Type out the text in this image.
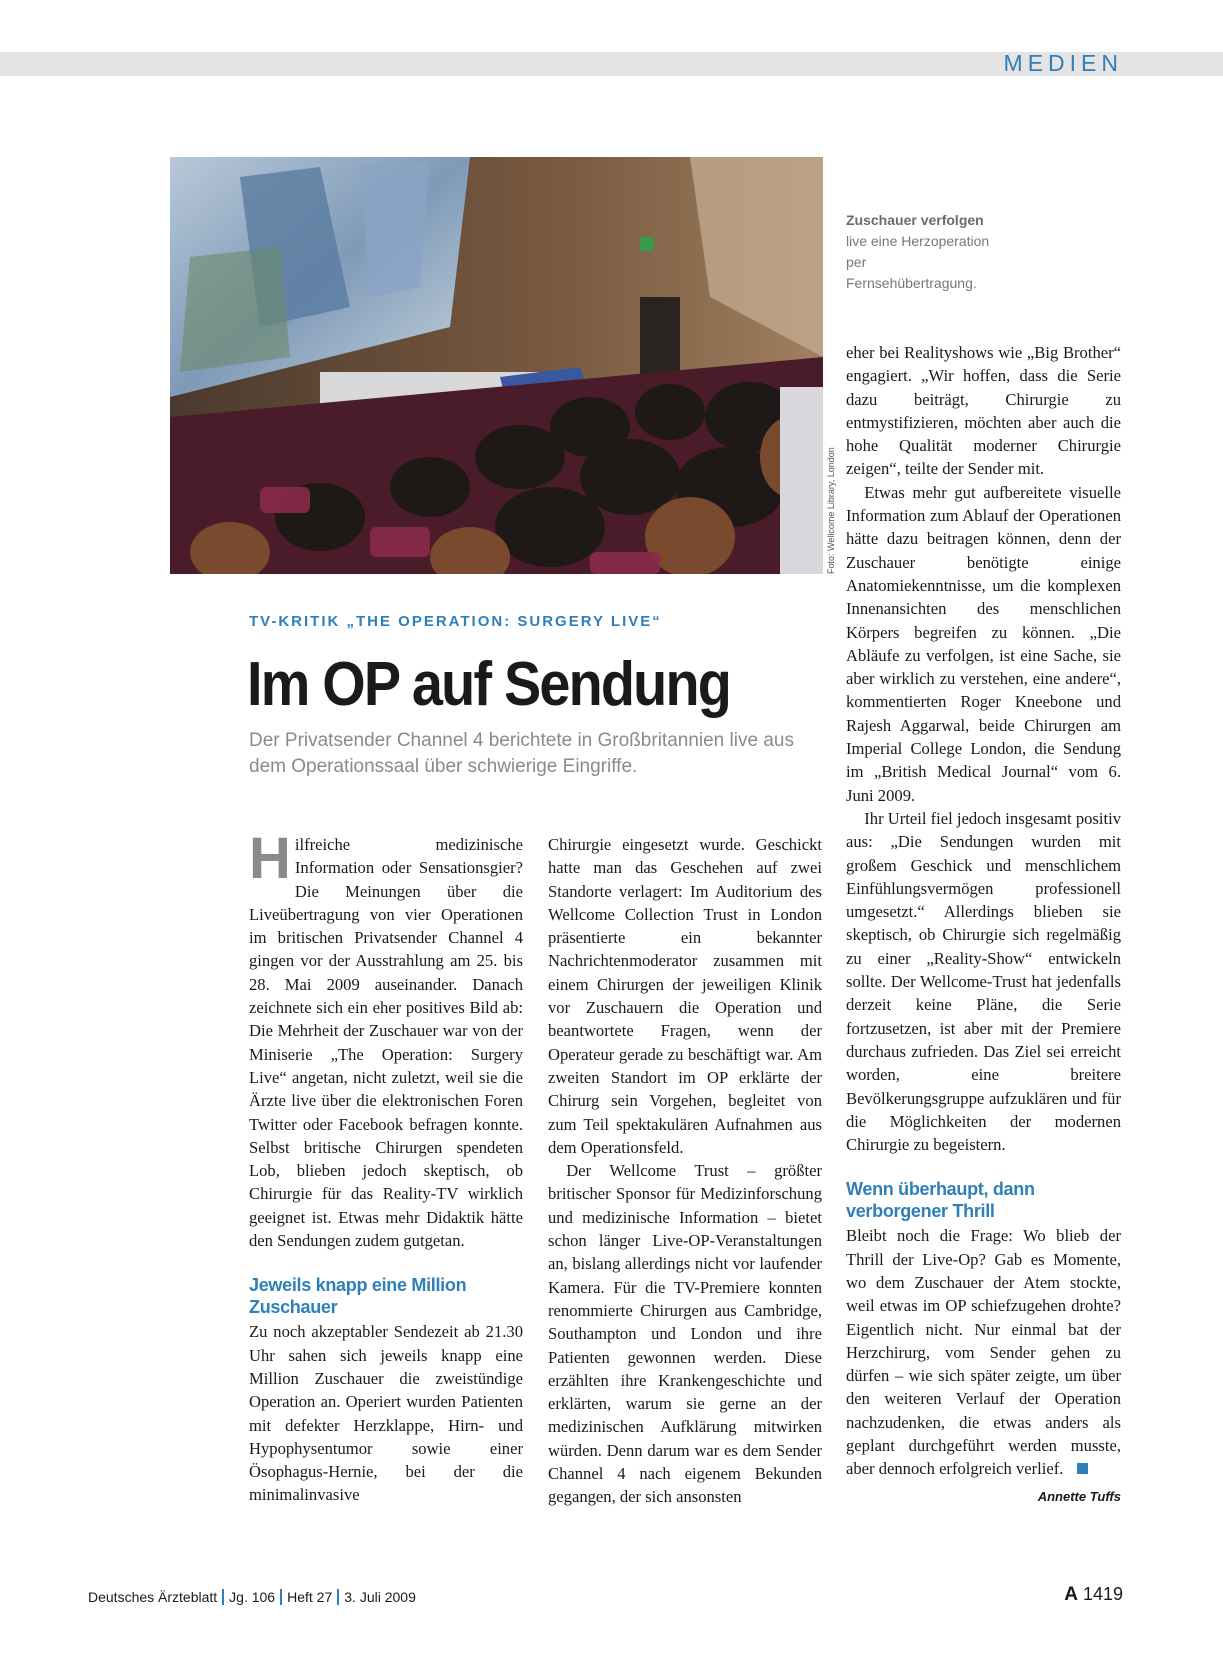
MEDIEN
Foto: Wellcome Library, London
Zuschauer verfolgen live eine Herzoperation per Fernsehübertragung.
TV-KRITIK „THE OPERATION: SURGERY LIVE“
Im OP auf Sendung
Der Privatsender Channel 4 berichtete in Großbritannien live aus dem Operationssaal über schwierige Eingriffe.

Hilfreiche medizinische Information oder Sensationsgier? Die Meinungen über die Liveübertragung von vier Operationen im britischen Privatsender Channel 4 gingen vor der Ausstrahlung am 25. bis 28. Mai 2009 auseinander. Danach zeichnete sich ein eher positives Bild ab: Die Mehrheit der Zuschauer war von der Miniserie „The Operation: Surgery Live“ angetan, nicht zuletzt, weil sie die Ärzte live über die elektronischen Foren Twitter oder Facebook befragen konnte. Selbst britische Chirurgen spendeten Lob, blieben jedoch skeptisch, ob Chirurgie für das Reality-TV wirklich geeignet ist. Etwas mehr Didaktik hätte den Sendungen zudem gutgetan.

Jeweils knapp eine Million Zuschauer

Zu noch akzeptabler Sendezeit ab 21.30 Uhr sahen sich jeweils knapp eine Million Zuschauer die zweistündige Operation an. Operiert wurden Patienten mit defekter Herzklappe, Hirn- und Hypophysentumor sowie einer Ösophagus-Hernie, bei der die minimalinvasive

Chirurgie eingesetzt wurde. Geschickt hatte man das Geschehen auf zwei Standorte verlagert: Im Auditorium des Wellcome Collection Trust in London präsentierte ein bekannter Nachrichtenmoderator zusammen mit einem Chirurgen der jeweiligen Klinik vor Zuschauern die Operation und beantwortete Fragen, wenn der Operateur gerade zu beschäftigt war. Am zweiten Standort im OP erklärte der Chirurg sein Vorgehen, begleitet von zum Teil spektakulären Aufnahmen aus dem Operationsfeld.

Der Wellcome Trust – größter britischer Sponsor für Medizinforschung und medizinische Information – bietet schon länger Live-OP-Veranstaltungen an, bislang allerdings nicht vor laufender Kamera. Für die TV-Premiere konnten renommierte Chirurgen aus Cambridge, Southampton und London und ihre Patienten gewonnen werden. Diese erzählten ihre Krankengeschichte und erklärten, warum sie gerne an der medizinischen Aufklärung mitwirken würden. Denn darum war es dem Sender Channel 4 nach eigenem Bekunden gegangen, der sich ansonsten

eher bei Realityshows wie „Big Brother“ engagiert. „Wir hoffen, dass die Serie dazu beiträgt, Chirurgie zu entmystifizieren, möchten aber auch die hohe Qualität moderner Chirurgie zeigen“, teilte der Sender mit.

Etwas mehr gut aufbereitete visuelle Information zum Ablauf der Operationen hätte dazu beitragen können, denn der Zuschauer benötigte einige Anatomiekenntnisse, um die komplexen Innenansichten des menschlichen Körpers begreifen zu können. „Die Abläufe zu verfolgen, ist eine Sache, sie aber wirklich zu verstehen, eine andere“, kommentierten Roger Kneebone und Rajesh Aggarwal, beide Chirurgen am Imperial College London, die Sendung im „British Medical Journal“ vom 6. Juni 2009.

Ihr Urteil fiel jedoch insgesamt positiv aus: „Die Sendungen wurden mit großem Geschick und menschlichem Einfühlungsvermögen professionell umgesetzt.“ Allerdings blieben sie skeptisch, ob Chirurgie sich regelmäßig zu einer „Reality-Show“ entwickeln sollte. Der Wellcome-Trust hat jedenfalls derzeit keine Pläne, die Serie fortzusetzen, ist aber mit der Premiere durchaus zufrieden. Das Ziel sei erreicht worden, eine breitere Bevölkerungsgruppe aufzuklären und für die Möglichkeiten der modernen Chirurgie zu begeistern.

Wenn überhaupt, dann verborgener Thrill

Bleibt noch die Frage: Wo blieb der Thrill der Live-Op? Gab es Momente, wo dem Zuschauer der Atem stockte, weil etwas im OP schiefzugehen drohte? Eigentlich nicht. Nur einmal bat der Herzchirurg, vom Sender gehen zu dürfen – wie sich später zeigte, um über den weiteren Verlauf der Operation nachzudenken, die etwas anders als geplant durchgeführt werden musste, aber dennoch erfolgreich verlief.

Annette Tuffs
Deutsches Ärzteblatt Jg. 106 Heft 27 3. Juli 2009	A 1419
